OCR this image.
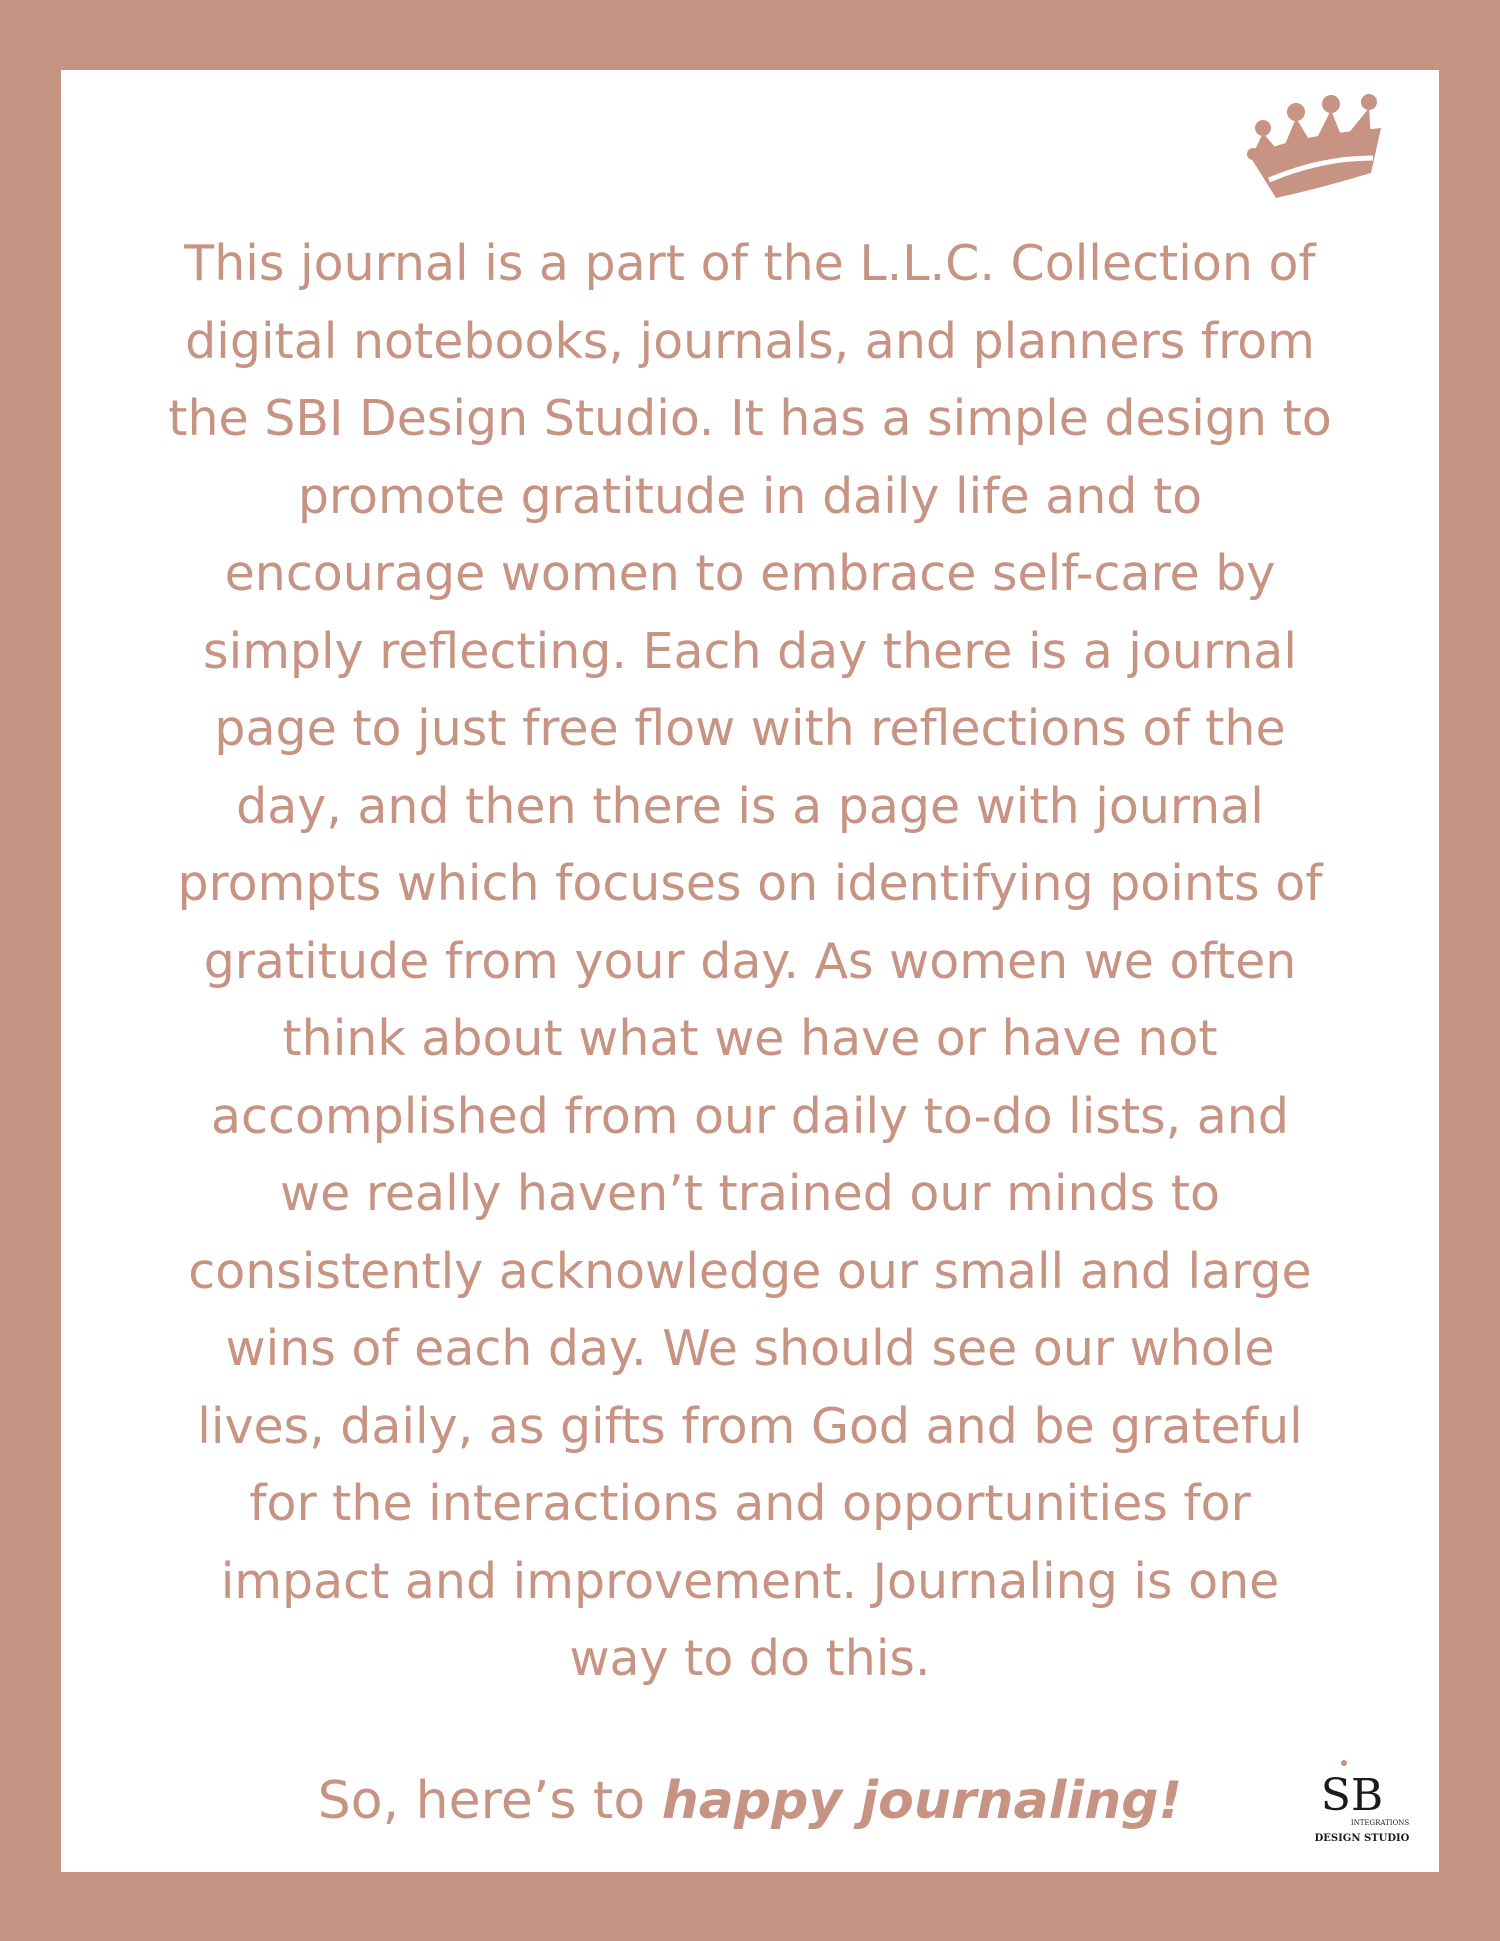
This journal is a part of the L.L.C. Collection of
digital notebooks, journals, and planners from
the SBI Design Studio. It has a simple design to
promote gratitude in daily life and to
encourage women to embrace self-care by
simply reflecting. Each day there is a journal
page to just free flow with reflections of the
day, and then there is a page with journal
prompts which focuses on identifying points of
gratitude from your day. As women we often
think about what we have or have not
accomplished from our daily to-do lists, and
we really haven’t trained our minds to
consistently acknowledge our small and large
wins of each day. We should see our whole
lives, daily, as gifts from God and be grateful
for the interactions and opportunities for
impact and improvement. Journaling is one
way to do this.

So, here’s to happy journaling!	SB
INTEGRATIONS
DESIGN STUDIO
